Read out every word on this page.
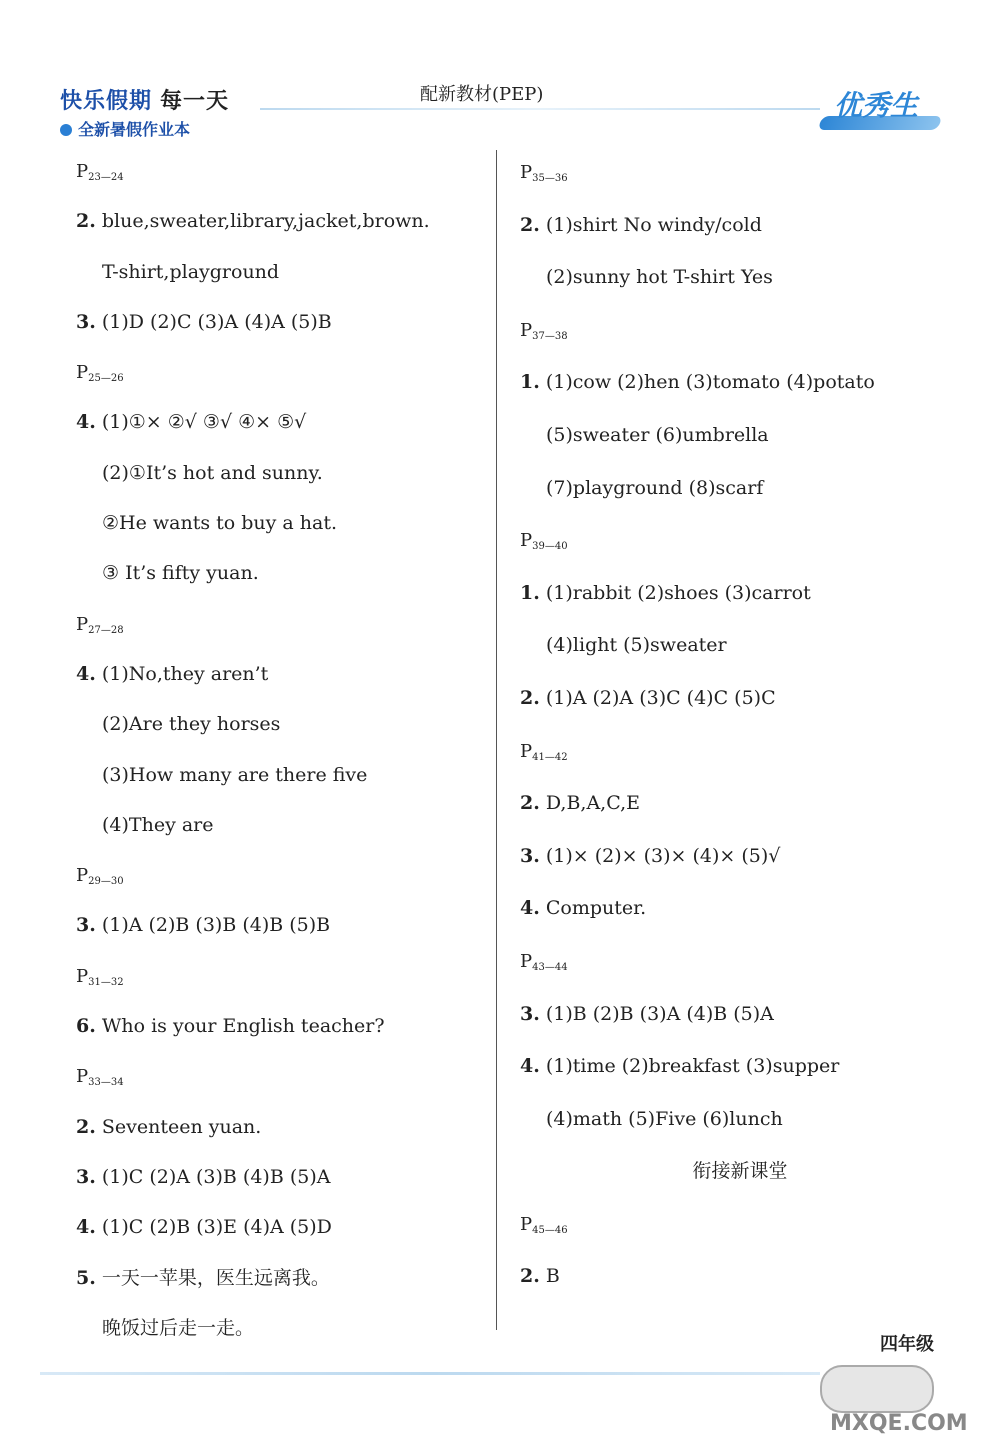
快乐假期 每一天
全新暑假作业本
配新教材(PEP)	优秀生
$P_{23—24}$
2. blue,sweater,library,jacket,brown.
T-shirt,playground
3. (1)D (2)C (3)A (4)A (5)B
$P_{25—26}$
4. (1)①× ②√ ③√ ④× ⑤√
(2)①It’s hot and sunny.
②He wants to buy a hat.
③ It’s fifty yuan.
$P_{27—28}$
4. (1)No,they aren’t
(2)Are they horses
(3)How many are there five
(4)They are
$P_{29—30}$
3. (1)A (2)B (3)B (4)B (5)B
$P_{31—32}$
6. Who is your English teacher?
$P_{33—34}$
2. Seventeen yuan.
3. (1)C (2)A (3)B (4)B (5)A
4. (1)C (2)B (3)E (4)A (5)D
5. 一天一苹果，医生远离我。
晚饭过后走一走。
$P_{35—36}$
2. (1)shirt No windy/cold
(2)sunny hot T-shirt Yes
$P_{37—38}$
1. (1)cow (2)hen (3)tomato (4)potato
(5)sweater (6)umbrella
(7)playground (8)scarf
$P_{39—40}$
1. (1)rabbit (2)shoes (3)carrot
(4)light (5)sweater
2. (1)A (2)A (3)C (4)C (5)C
$P_{41—42}$
2. D,B,A,C,E
3. (1)× (2)× (3)× (4)× (5)√
4. Computer.
$P_{43—44}$
3. (1)B (2)B (3)A (4)B (5)A
4. (1)time (2)breakfast (3)supper
(4)math (5)Five (6)lunch
衔接新课堂
$P_{45—46}$
2. B
四年级
MXQE.COM
